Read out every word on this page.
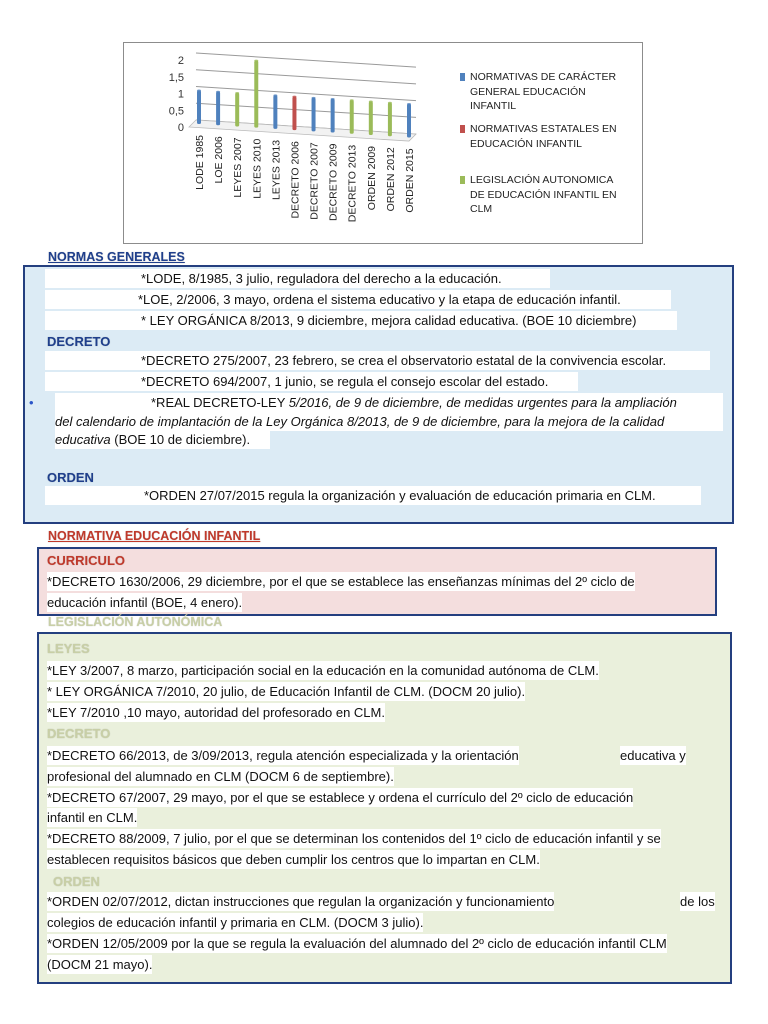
0
0,5
1
1,5
2
LODE 1985 LOE 2006 LEYES 2007 LEYES 2010 LEYES 2013 DECRETO 2006 DECRETO 2007 DECRETO 2009 DECRETO 2013 ORDEN 2009 ORDEN 2012 ORDEN 2015
NORMATIVAS DE CARÁCTER
GENERAL EDUCACIÓN
INFANTIL
NORMATIVAS ESTATALES EN
EDUCACIÓN INFANTIL
LEGISLACIÓN AUTONOMICA
DE EDUCACIÓN INFANTIL EN
CLM
NORMAS GENERALES
*LODE, 8/1985, 3 julio, reguladora del derecho a la educación.
*LOE, 2/2006, 3 mayo, ordena el sistema educativo y la etapa de educación infantil.
* LEY ORGÁNICA 8/2013, 9 diciembre, mejora calidad educativa. (BOE 10 diciembre)
DECRETO
*DECRETO 275/2007, 23 febrero, se crea el observatorio estatal de la convivencia escolar.
*DECRETO 694/2007, 1 junio, se regula el consejo escolar del estado.
•	*REAL DECRETO-LEY 5/2016, de 9 de diciembre, de medidas urgentes para la ampliación
del calendario de implantación de la Ley Orgánica 8/2013, de 9 de diciembre, para la mejora de la calidad
educativa (BOE 10 de diciembre).
ORDEN
*ORDEN 27/07/2015 regula la organización y evaluación de educación primaria en CLM.
NORMATIVA EDUCACIÓN INFANTIL
CURRICULO
*DECRETO 1630/2006, 29 diciembre, por el que se establece las enseñanzas mínimas del 2º ciclo de
educación infantil (BOE, 4 enero).
LEGISLACIÓN AUTONÓMICA
LEYES
*LEY 3/2007, 8 marzo, participación social en la educación en la comunidad autónoma de CLM.
* LEY ORGÁNICA 7/2010, 20 julio, de Educación Infantil de CLM. (DOCM 20 julio).
*LEY 7/2010 ,10 mayo, autoridad del profesorado en CLM.
DECRETO
*DECRETO 66/2013, de 3/09/2013, regula atención especializada y la orientación	educativa y
profesional del alumnado en CLM (DOCM 6 de septiembre).
*DECRETO 67/2007, 29 mayo, por el que se establece y ordena el currículo del 2º ciclo de educación
infantil en CLM.
*DECRETO 88/2009, 7 julio, por el que se determinan los contenidos del 1º ciclo de educación infantil y se
establecen requisitos básicos que deben cumplir los centros que lo impartan en CLM.
ORDEN
*ORDEN 02/07/2012, dictan instrucciones que regulan la organización y funcionamiento	de los
colegios de educación infantil y primaria en CLM. (DOCM 3 julio).
*ORDEN 12/05/2009 por la que se regula la evaluación del alumnado del 2º ciclo de educación infantil CLM
(DOCM 21 mayo).
